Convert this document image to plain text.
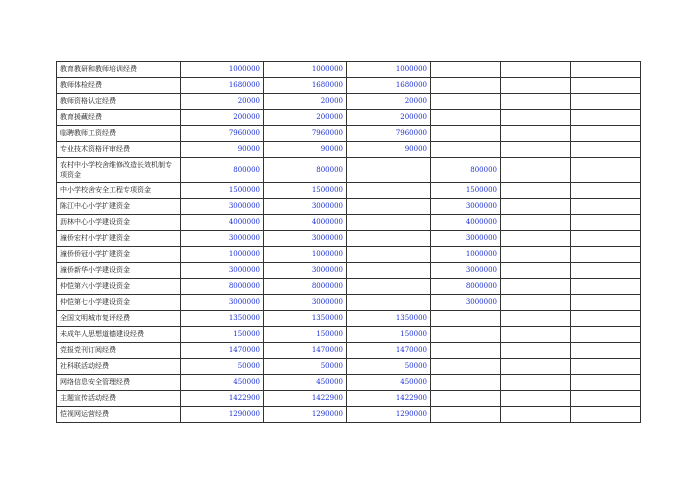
教育教研和教师培训经费	1000000	1000000	1000000			
教师体检经费	1680000	1680000	1680000			
教师资格认定经费	20000	20000	20000			
教育援藏经费	200000	200000	200000			
临聘教师工资经费	7960000	7960000	7960000			
专业技术资格评审经费	90000	90000	90000			
农村中小学校舍维修改造长效机制专项资金	800000	800000		800000		
中小学校舍安全工程专项资金	1500000	1500000		1500000		
陈江中心小学扩建资金	3000000	3000000		3000000		
沥林中心小学建设资金	4000000	4000000		4000000		
潼侨宏村小学扩建资金	3000000	3000000		3000000		
潼侨侨冠小学扩建资金	1000000	1000000		1000000		
潼侨新华小学建设资金	3000000	3000000		3000000		
仲恺第六小学建设资金	8000000	8000000		8000000		
仲恺第七小学建设资金	3000000	3000000		3000000		
全国文明城市复评经费	1350000	1350000	1350000			
未成年人思想道德建设经费	150000	150000	150000			
党报党刊订阅经费	1470000	1470000	1470000			
社科联活动经费	50000	50000	50000			
网络信息安全管理经费	450000	450000	450000			
主题宣传活动经费	1422900	1422900	1422900			
恺视网运营经费	1290000	1290000	1290000			
